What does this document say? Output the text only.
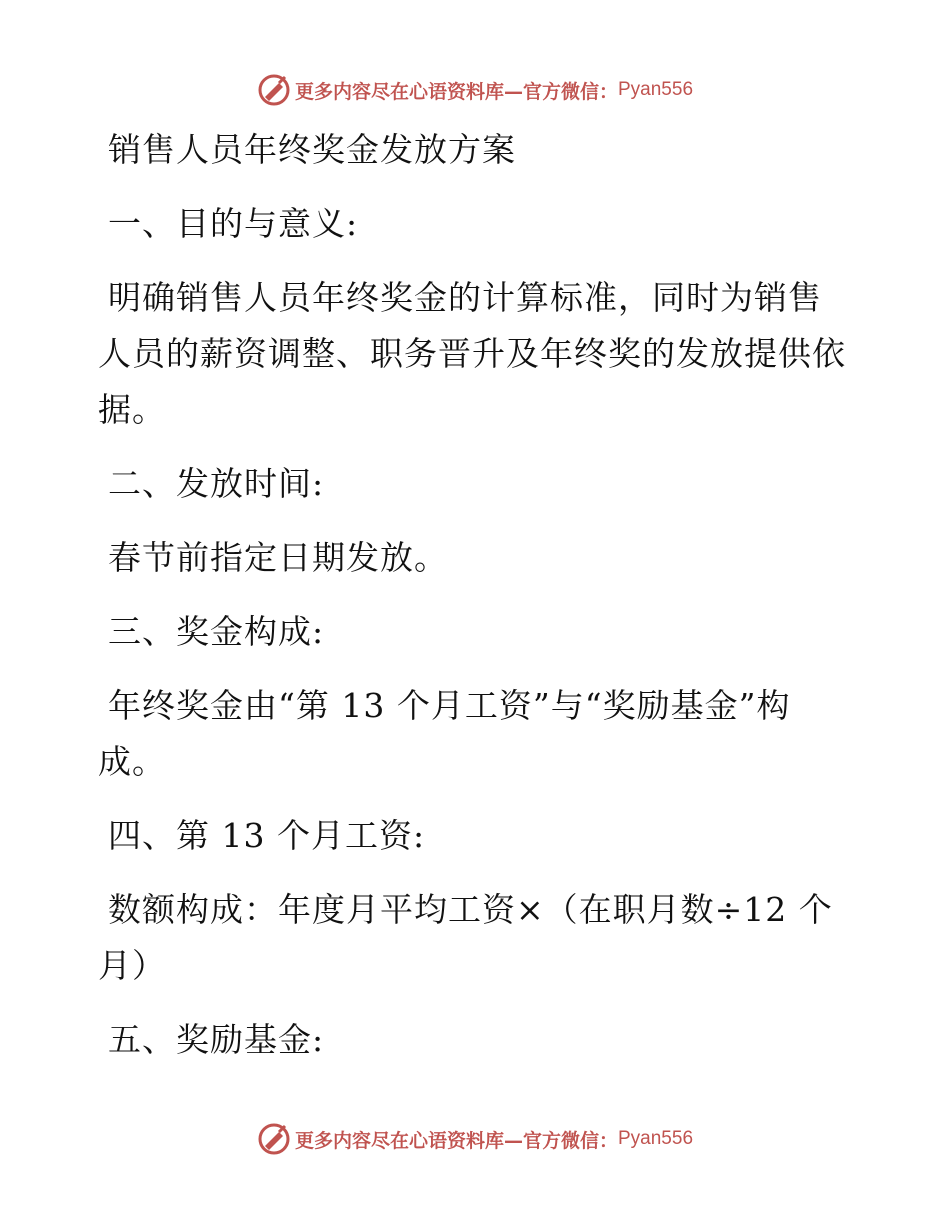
更多内容尽在心语资料库—官方微信： Pyan556
销售人员年终奖金发放方案
一、目的与意义:
明确销售人员年终奖金的计算标准，同时为销售
人员的薪资调整、职务晋升及年终奖的发放提供依
据。
二、发放时间:
春节前指定日期发放。
三、奖金构成:
年终奖金由“第 13 个月工资”与“奖励基金”构
成。
四、第 13 个月工资:
数额构成：年度月平均工资×（在职月数÷12 个
月）
五、奖励基金:
更多内容尽在心语资料库—官方微信： Pyan556
